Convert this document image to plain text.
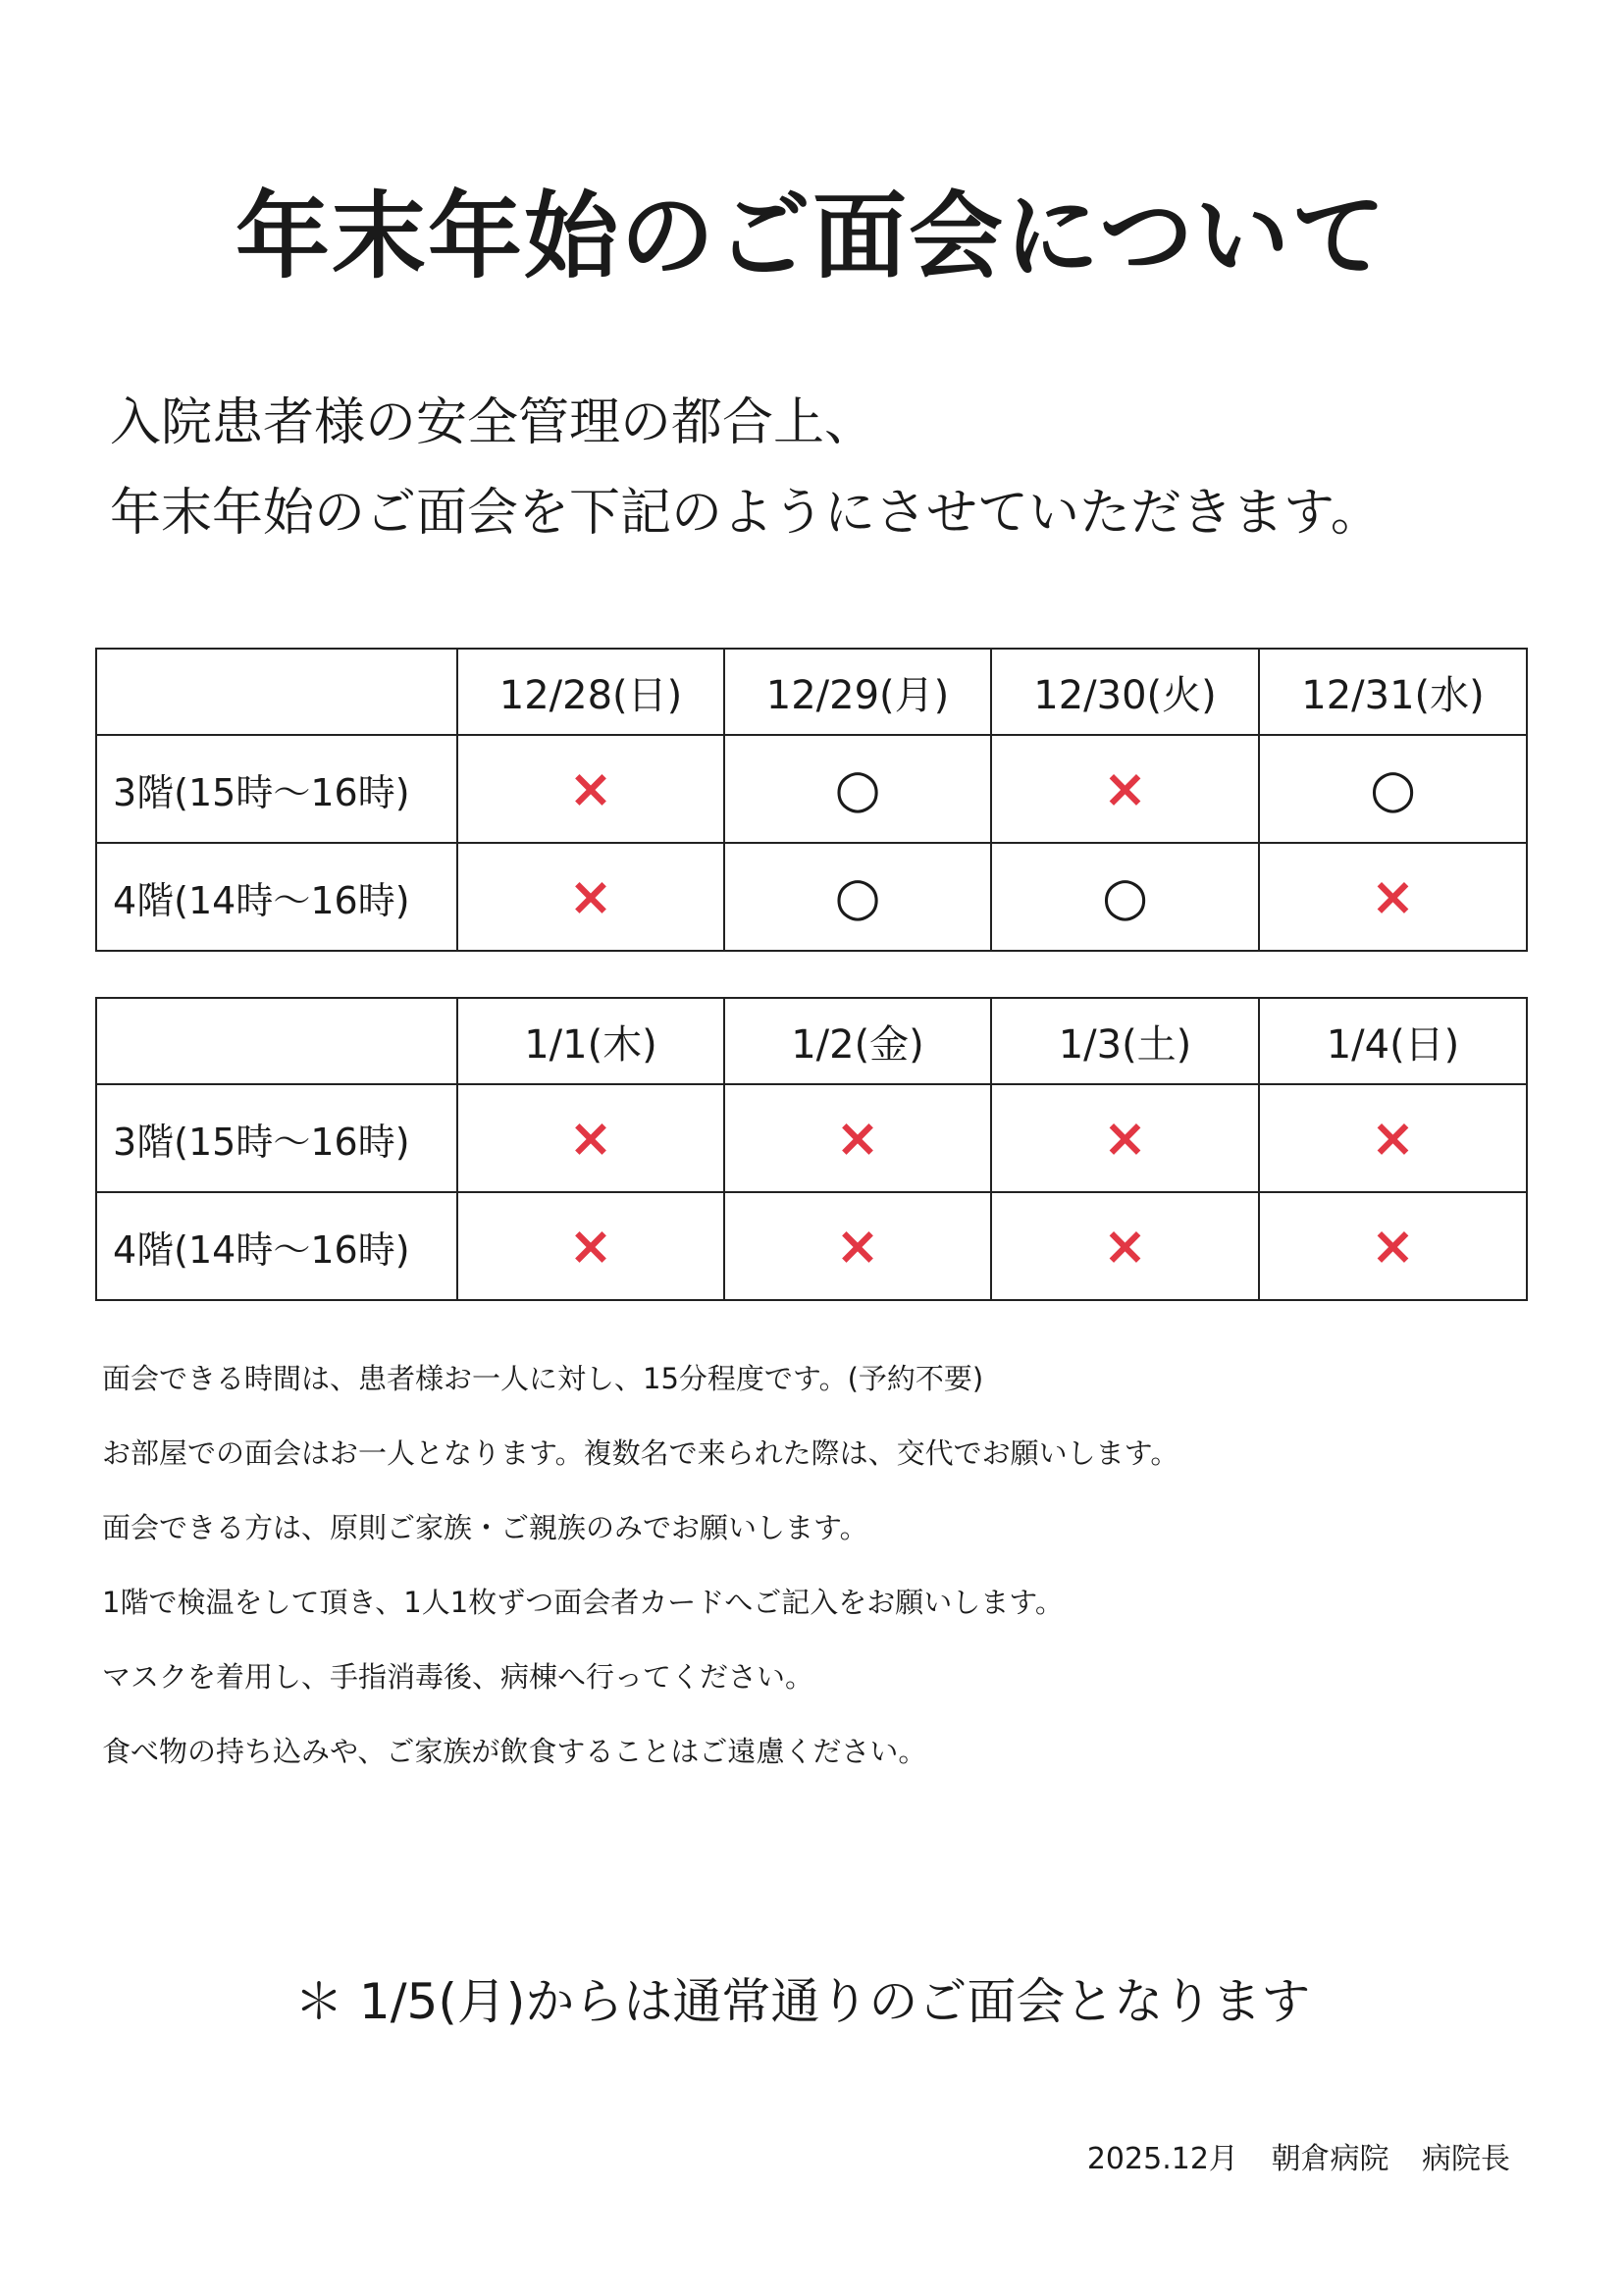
年末年始のご面会について
入院患者様の安全管理の都合上、
年末年始のご面会を下記のようにさせていただきます。
	12/28(日)	12/29(月)	12/30(火)	12/31(水)
3階(15時～16時)	×	○	×	○
4階(14時～16時)	×	○	○	×
	1/1(木)	1/2(金)	1/3(土)	1/4(日)
3階(15時～16時)	×	×	×	×
4階(14時～16時)	×	×	×	×
面会できる時間は、患者様お一人に対し、15分程度です。(予約不要)
お部屋での面会はお一人となります。複数名で来られた際は、交代でお願いします。
面会できる方は、原則ご家族・ご親族のみでお願いします。
1階で検温をして頂き、1人1枚ずつ面会者カードへご記入をお願いします。
マスクを着用し、手指消毒後、病棟へ行ってください。
食べ物の持ち込みや、ご家族が飲食することはご遠慮ください。
＊ 1/5(月)からは通常通りのご面会となります
2025.12月 朝倉病院 病院長
